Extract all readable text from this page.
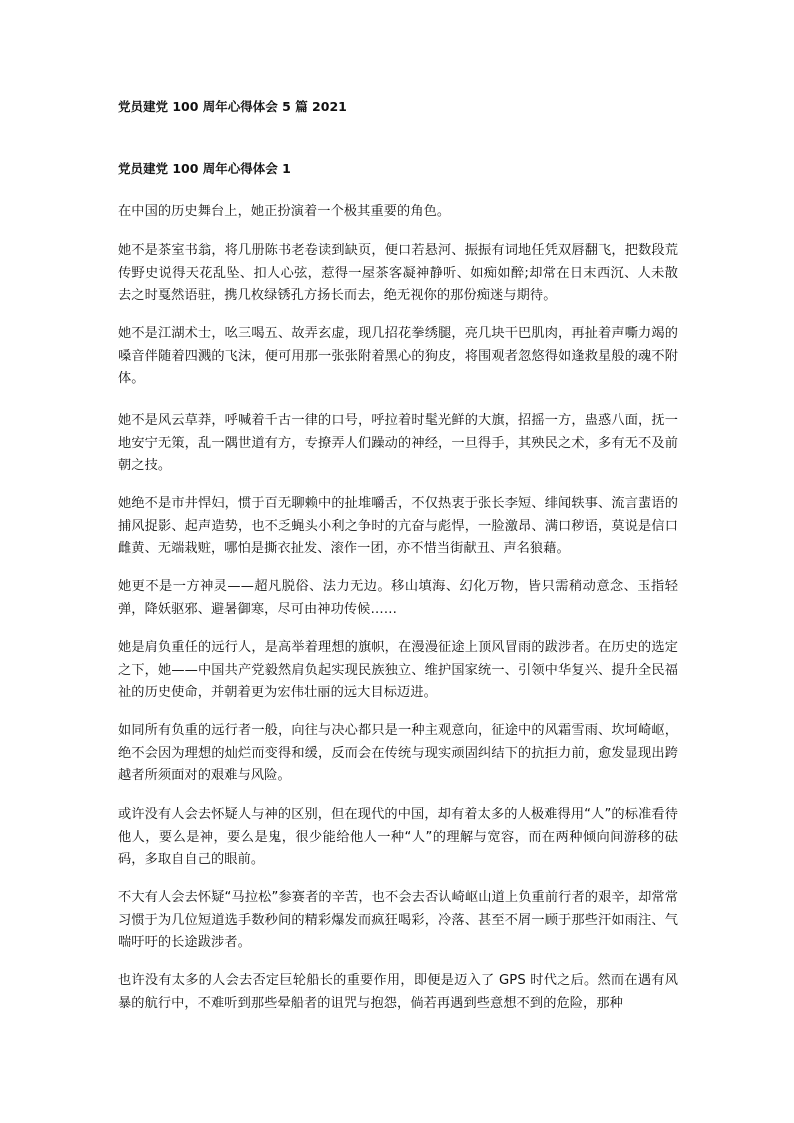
党员建党 100 周年心得体会 5 篇 2021
党员建党 100 周年心得体会 1

在中国的历史舞台上，她正扮演着一个极其重要的角色。

她不是茶室书翁，将几册陈书老卷读到缺页，便口若悬河、振振有词地任凭双唇翻飞，把数段荒传野史说得天花乱坠、扣人心弦，惹得一屋茶客凝神静听、如痴如醉;却常在日末西沉、人未散去之时戛然语驻，携几枚绿锈孔方扬长而去，绝无视你的那份痴迷与期待。

她不是江湖术士，吆三喝五、故弄玄虚，现几招花拳绣腿，亮几块干巴肌肉，再扯着声嘶力竭的嗓音伴随着四溅的飞沫，便可用那一张张附着黑心的狗皮，将围观者忽悠得如逢救星般的魂不附体。

她不是风云草莽，呼喊着千古一律的口号，呼拉着时髦光鲜的大旗，招摇一方，蛊惑八面，抚一地安宁无策，乱一隅世道有方，专撩弄人们躁动的神经，一旦得手，其殃民之术，多有无不及前朝之技。

她绝不是市井悍妇，惯于百无聊赖中的扯堆嚼舌，不仅热衷于张长李短、绯闻轶事、流言蜚语的捕风捉影、起声造势，也不乏蝇头小利之争时的亢奋与彪悍，一脸激昂、满口秽语，莫说是信口雌黄、无端栽赃，哪怕是撕衣扯发、滚作一团，亦不惜当街献丑、声名狼藉。

她更不是一方神灵——超凡脱俗、法力无边。移山填海、幻化万物，皆只需稍动意念、玉指轻弹，降妖驱邪、避暑御寒，尽可由神功传候……

她是肩负重任的远行人，是高举着理想的旗帜，在漫漫征途上顶风冒雨的跋涉者。在历史的选定之下，她——中国共产党毅然肩负起实现民族独立、维护国家统一、引领中华复兴、提升全民福祉的历史使命，并朝着更为宏伟壮丽的远大目标迈进。

如同所有负重的远行者一般，向往与决心都只是一种主观意向，征途中的风霜雪雨、坎坷崎岖，绝不会因为理想的灿烂而变得和缓，反而会在传统与现实顽固纠结下的抗拒力前，愈发显现出跨越者所须面对的艰难与风险。

或许没有人会去怀疑人与神的区别，但在现代的中国，却有着太多的人极难得用“人”的标准看待他人，要么是神，要么是鬼，很少能给他人一种“人”的理解与宽容，而在两种倾向间游移的砝码，多取自自己的眼前。

不大有人会去怀疑“马拉松”参赛者的辛苦，也不会去否认崎岖山道上负重前行者的艰辛，却常常习惯于为几位短道选手数秒间的精彩爆发而疯狂喝彩，冷落、甚至不屑一顾于那些汗如雨注、气喘吁吁的长途跋涉者。

也许没有太多的人会去否定巨轮船长的重要作用，即便是迈入了 GPS 时代之后。然而在遇有风暴的航行中，不难听到那些晕船者的诅咒与抱怨，倘若再遇到些意想不到的危险，那种
